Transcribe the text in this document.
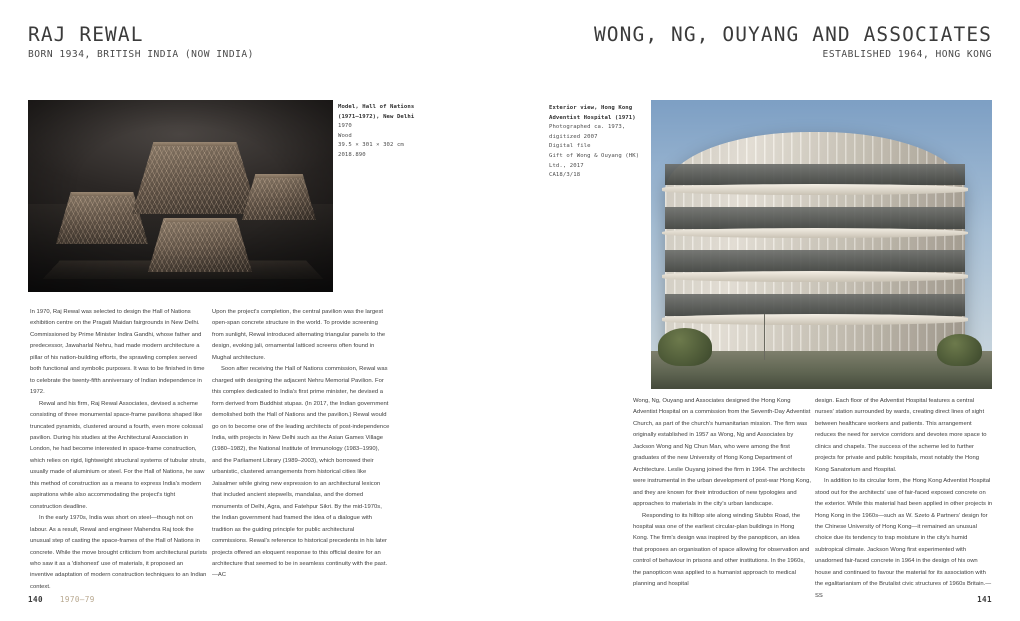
RAJ REWAL
BORN 1934, BRITISH INDIA (NOW INDIA)
Model, Hall of Nations
(1971–1972), New Delhi
1970
Wood
39.5 × 301 × 302 cm
2018.890

In 1970, Raj Rewal was selected to design the Hall of Nations exhibition centre on the Pragati Maidan fairgrounds in New Delhi. Commissioned by Prime Minister Indira Gandhi, whose father and predecessor, Jawaharlal Nehru, had made modern architecture a pillar of his nation-building efforts, the sprawling complex served both functional and symbolic purposes. It was to be finished in time to celebrate the twenty-fifth anniversary of Indian independence in 1972.

Rewal and his firm, Raj Rewal Associates, devised a scheme consisting of three monumental space-frame pavilions shaped like truncated pyramids, clustered around a fourth, even more colossal pavilion. During his studies at the Architectural Association in London, he had become interested in space-frame construction, which relies on rigid, lightweight structural systems of tubular struts, usually made of aluminium or steel. For the Hall of Nations, he saw this method of construction as a means to express India's modern aspirations while also accommodating the project's tight construction deadline.

In the early 1970s, India was short on steel—though not on labour. As a result, Rewal and engineer Mahendra Raj took the unusual step of casting the space-frames of the Hall of Nations in concrete. While the move brought criticism from architectural purists who saw it as a 'dishonest' use of materials, it proposed an inventive adaptation of modern construction techniques to an Indian context.

Upon the project's completion, the central pavilion was the largest open-span concrete structure in the world. To provide screening from sunlight, Rewal introduced alternating triangular panels to the design, evoking jali, ornamental latticed screens often found in Mughal architecture.

Soon after receiving the Hall of Nations commission, Rewal was charged with designing the adjacent Nehru Memorial Pavilion. For this complex dedicated to India's first prime minister, he devised a form derived from Buddhist stupas. (In 2017, the Indian government demolished both the Hall of Nations and the pavilion.) Rewal would go on to become one of the leading architects of post-independence India, with projects in New Delhi such as the Asian Games Village (1980–1982), the National Institute of Immunology (1983–1990), and the Parliament Library (1989–2003), which borrowed their urbanistic, clustered arrangements from historical cities like Jaisalmer while giving new expression to an architectural lexicon that included ancient stepwells, mandalas, and the domed monuments of Delhi, Agra, and Fatehpur Sikri. By the mid-1970s, the Indian government had framed the idea of a dialogue with tradition as the guiding principle for public architectural commissions. Rewal's reference to historical precedents in his later projects offered an eloquent response to this official desire for an architecture that seemed to be in seamless continuity with the past.—AC

140 1970–79
WONG, NG, OUYANG AND ASSOCIATES
ESTABLISHED 1964, HONG KONG
Exterior view, Hong Kong
Adventist Hospital (1971)
Photographed ca. 1973,
digitized 2007
Digital file
Gift of Wong & Ouyang (HK)
Ltd., 2017
CA18/3/18

Wong, Ng, Ouyang and Associates designed the Hong Kong Adventist Hospital on a commission from the Seventh-Day Adventist Church, as part of the church's humanitarian mission. The firm was originally established in 1957 as Wong, Ng and Associates by Jackson Wong and Ng Chun Man, who were among the first graduates of the new University of Hong Kong Department of Architecture. Leslie Ouyang joined the firm in 1964. The architects were instrumental in the urban development of post-war Hong Kong, and they are known for their introduction of new typologies and approaches to materials in the city's urban landscape.

Responding to its hilltop site along winding Stubbs Road, the hospital was one of the earliest circular-plan buildings in Hong Kong. The firm's design was inspired by the panopticon, an idea that proposes an organisation of space allowing for observation and control of behaviour in prisons and other institutions. In the 1960s, the panopticon was applied to a humanist approach to medical planning and hospital

design. Each floor of the Adventist Hospital features a central nurses' station surrounded by wards, creating direct lines of sight between healthcare workers and patients. This arrangement reduces the need for service corridors and devotes more space to clinics and chapels. The success of the scheme led to further projects for private and public hospitals, most notably the Hong Kong Sanatorium and Hospital.

In addition to its circular form, the Hong Kong Adventist Hospital stood out for the architects' use of fair-faced exposed concrete on the exterior. While this material had been applied in other projects in Hong Kong in the 1960s—such as W. Szeto & Partners' design for the Chinese University of Hong Kong—it remained an unusual choice due its tendency to trap moisture in the city's humid subtropical climate. Jackson Wong first experimented with unadorned fair-faced concrete in 1964 in the design of his own house and continued to favour the material for its association with the egalitarianism of the Brutalist civic structures of 1960s Britain.—SS	141
